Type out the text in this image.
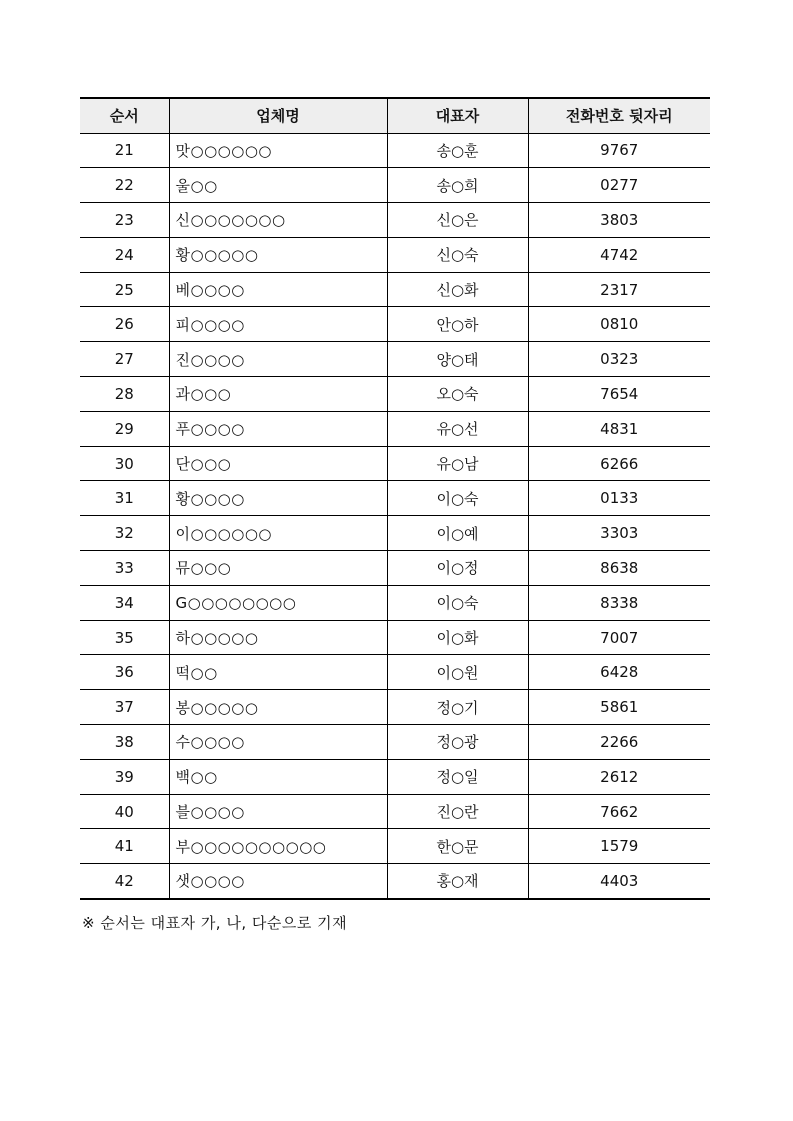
순서	업체명	대표자	전화번호 뒷자리
21	맛○○○○○○	송○훈	9767
22	울○○	송○희	0277
23	신○○○○○○○	신○은	3803
24	황○○○○○	신○숙	4742
25	베○○○○	신○화	2317
26	피○○○○	안○하	0810
27	진○○○○	양○태	0323
28	과○○○	오○숙	7654
29	푸○○○○	유○선	4831
30	단○○○	유○남	6266
31	황○○○○	이○숙	0133
32	이○○○○○○	이○예	3303
33	뮤○○○	이○정	8638
34	G○○○○○○○○	이○숙	8338
35	하○○○○○	이○화	7007
36	떡○○	이○원	6428
37	봉○○○○○	정○기	5861
38	수○○○○	정○광	2266
39	백○○	정○일	2612
40	블○○○○	진○란	7662
41	부○○○○○○○○○○	한○문	1579
42	샛○○○○	홍○재	4403
※ 순서는 대표자 가, 나, 다순으로 기재
